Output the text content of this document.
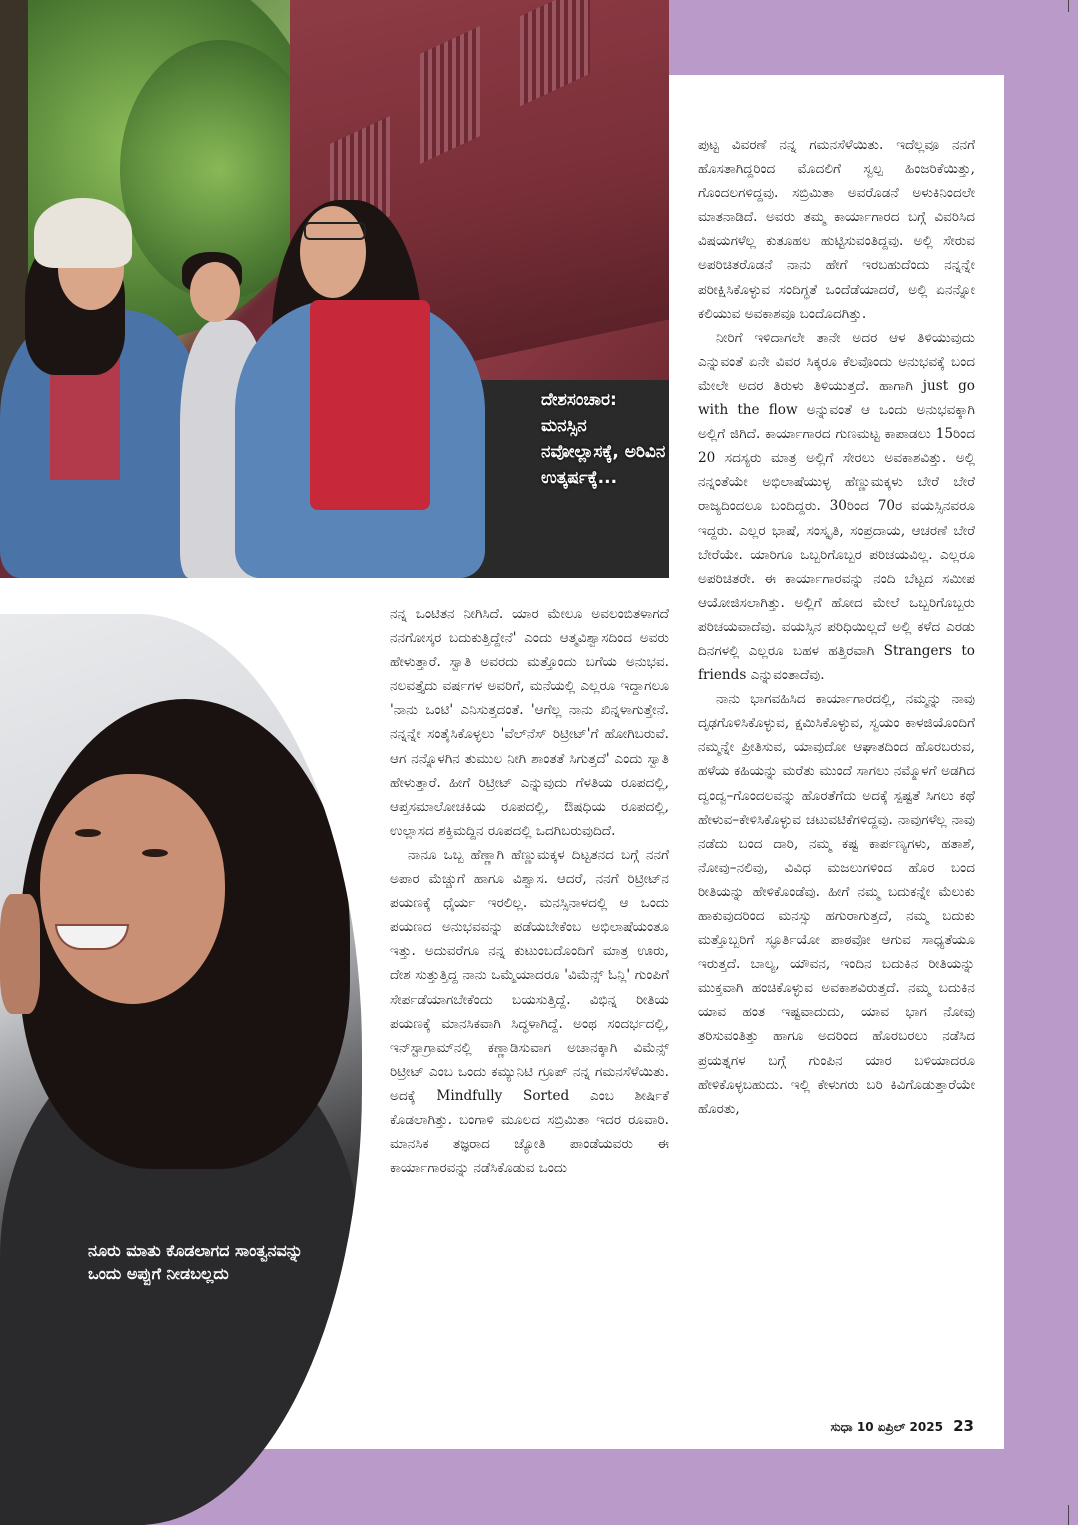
ದೇಶಸಂಚಾರ: ಮನಸ್ಸಿನ ನವೋಲ್ಲಾಸಕ್ಕೆ, ಅರಿವಿನ ಉತ್ಕರ್ಷಕ್ಕೆ...
ನೂರು ಮಾತು ಕೊಡಲಾಗದ ಸಾಂತ್ವನವನ್ನು ಒಂದು ಅಪ್ಪುಗೆ ನೀಡಬಲ್ಲದು

ನನ್ನ ಒಂಟಿತನ ನೀಗಿಸಿದೆ. ಯಾರ ಮೇಲೂ ಅವಲಂಬಿತಳಾಗದೆ ನನಗೋಸ್ಕರ ಬದುಕುತ್ತಿದ್ದೇನೆ' ಎಂದು ಆತ್ಮವಿಶ್ವಾಸದಿಂದ ಅವರು ಹೇಳುತ್ತಾರೆ. ಸ್ವಾತಿ ಅವರದು ಮತ್ತೊಂದು ಬಗೆಯ ಅನುಭವ. ನಲವತ್ತೈದು ವರ್ಷಗಳ ಅವರಿಗೆ, ಮನೆಯಲ್ಲಿ ಎಲ್ಲರೂ ಇದ್ದಾಗಲೂ 'ನಾನು ಒಂಟಿ' ಎನಿಸುತ್ತದಂತೆ. 'ಆಗೆಲ್ಲ ನಾನು ಖಿನ್ನಳಾಗುತ್ತೇನೆ. ನನ್ನನ್ನೇ ಸಂತೈಸಿಕೊಳ್ಳಲು 'ವೆಲ್‌ನೆಸ್ ರಿಟ್ರೀಟ್'ಗೆ ಹೋಗಿಬರುವೆ. ಆಗ ನನ್ನೊಳಗಿನ ತುಮುಲ ನೀಗಿ ಶಾಂತತೆ ಸಿಗುತ್ತದೆ' ಎಂದು ಸ್ವಾತಿ ಹೇಳುತ್ತಾರೆ. ಹೀಗೆ ರಿಟ್ರೀಟ್ ಎನ್ನುವುದು ಗೆಳತಿಯ ರೂಪದಲ್ಲಿ, ಆಪ್ತಸಮಾಲೋಚಕಿಯ ರೂಪದಲ್ಲಿ, ಔಷಧಿಯ ರೂಪದಲ್ಲಿ, ಉಲ್ಲಾಸದ ಶಕ್ತಿಮದ್ದಿನ ರೂಪದಲ್ಲಿ ಒದಗಿಬರುವುದಿದೆ.

ನಾನೂ ಒಬ್ಬ ಹೆಣ್ಣಾಗಿ ಹೆಣ್ಣುಮಕ್ಕಳ ದಿಟ್ಟತನದ ಬಗ್ಗೆ ನನಗೆ ಅಪಾರ ಮೆಚ್ಚುಗೆ ಹಾಗೂ ವಿಶ್ವಾಸ. ಆದರೆ, ನನಗೆ ರಿಟ್ರೀಟ್‌ನ ಪಯಣಕ್ಕೆ ಧೈರ್ಯ ಇರಲಿಲ್ಲ. ಮನಸ್ಸಿನಾಳದಲ್ಲಿ ಆ ಒಂದು ಪಯಣದ ಅನುಭವವನ್ನು ಪಡೆಯಬೇಕೆಂಬ ಅಭಿಲಾಷೆಯಂತೂ ಇತ್ತು. ಅದುವರೆಗೂ ನನ್ನ ಕುಟುಂಬದೊಂದಿಗೆ ಮಾತ್ರ ಊರು, ದೇಶ ಸುತ್ತುತ್ತಿದ್ದ ನಾನು ಒಮ್ಮೆಯಾದರೂ 'ವಿಮೆನ್ಸ್ ಓನ್ಲಿ' ಗುಂಪಿಗೆ ಸೇರ್ಪಡೆಯಾಗಬೇಕೆಂದು ಬಯಸುತ್ತಿದ್ದೆ. ವಿಭಿನ್ನ ರೀತಿಯ ಪಯಣಕ್ಕೆ ಮಾನಸಿಕವಾಗಿ ಸಿದ್ಧಳಾಗಿದ್ದೆ. ಅಂಥ ಸಂದರ್ಭದಲ್ಲಿ, ಇನ್‌ಸ್ಟಾಗ್ರಾಮ್‌ನಲ್ಲಿ ಕಣ್ಣಾಡಿಸುವಾಗ ಅಚಾನಕ್ಕಾಗಿ ವಿಮೆನ್ಸ್ ರಿಟ್ರೀಟ್ ಎಂಬ ಒಂದು ಕಮ್ಯುನಿಟಿ ಗ್ರೂಪ್ ನನ್ನ ಗಮನಸೆಳೆಯಿತು. ಅದಕ್ಕೆ Mindfully Sorted ಎಂಬ ಶೀರ್ಷಿಕೆ ಕೊಡಲಾಗಿತ್ತು. ಬಂಗಾಳಿ ಮೂಲದ ಸಬ್ರಿಮಿತಾ ಇದರ ರೂವಾರಿ. ಮಾನಸಿಕ ತಜ್ಞರಾದ ಜ್ಯೋತಿ ಪಾಂಡೆಯವರು ಈ ಕಾರ್ಯಾಗಾರವನ್ನು ನಡೆಸಿಕೊಡುವ ಒಂದು

ಪುಟ್ಟ ವಿವರಣೆ ನನ್ನ ಗಮನಸೆಳೆಯಿತು. ಇದೆಲ್ಲವೂ ನನಗೆ ಹೊಸತಾಗಿದ್ದರಿಂದ ಮೊದಲಿಗೆ ಸ್ವಲ್ಪ ಹಿಂಜರಿಕೆಯಿತ್ತು, ಗೊಂದಲಗಳಿದ್ದವು. ಸಬ್ರಿಮಿತಾ ಅವರೊಡನೆ ಅಳುಕಿನಿಂದಲೇ ಮಾತನಾಡಿದೆ. ಅವರು ತಮ್ಮ ಕಾರ್ಯಾಗಾರದ ಬಗ್ಗೆ ವಿವರಿಸಿದ ವಿಷಯಗಳೆಲ್ಲ ಕುತೂಹಲ ಹುಟ್ಟಿಸುವಂತಿದ್ದವು. ಅಲ್ಲಿ ಸೇರುವ ಅಪರಿಚಿತರೊಡನೆ ನಾನು ಹೇಗೆ ಇರಬಹುದೆಂದು ನನ್ನನ್ನೇ ಪರೀಕ್ಷಿಸಿಕೊಳ್ಳುವ ಸಂದಿಗ್ಧತೆ ಒಂದೆಡೆಯಾದರೆ, ಅಲ್ಲಿ ಏನನ್ನೋ ಕಲಿಯುವ ಅವಕಾಶವೂ ಬಂದೊದಗಿತ್ತು.

ನೀರಿಗೆ ಇಳಿದಾಗಲೇ ತಾನೇ ಅದರ ಆಳ ತಿಳಿಯುವುದು ಎನ್ನುವಂತೆ ಏನೇ ವಿವರ ಸಿಕ್ಕರೂ ಕೆಲವೊಂದು ಅನುಭವಕ್ಕೆ ಬಂದ ಮೇಲೇ ಅದರ ತಿರುಳು ತಿಳಿಯುತ್ತದೆ. ಹಾಗಾಗಿ just go with the flow ಅನ್ನುವಂತೆ ಆ ಒಂದು ಅನುಭವಕ್ಕಾಗಿ ಅಲ್ಲಿಗೆ ಜಿಗಿದೆ. ಕಾರ್ಯಾಗಾರದ ಗುಣಮಟ್ಟ ಕಾಪಾಡಲು 15ರಿಂದ 20 ಸದಸ್ಯರು ಮಾತ್ರ ಅಲ್ಲಿಗೆ ಸೇರಲು ಅವಕಾಶವಿತ್ತು. ಅಲ್ಲಿ ನನ್ನಂತೆಯೇ ಅಭಿಲಾಷೆಯುಳ್ಳ ಹೆಣ್ಣುಮಕ್ಕಳು ಬೇರೆ ಬೇರೆ ರಾಜ್ಯದಿಂದಲೂ ಬಂದಿದ್ದರು. 30ರಿಂದ 70ರ ವಯಸ್ಸಿನವರೂ ಇದ್ದರು. ಎಲ್ಲರ ಭಾಷೆ, ಸಂಸ್ಕೃತಿ, ಸಂಪ್ರದಾಯ, ಆಚರಣೆ ಬೇರೆ ಬೇರೆಯೇ. ಯಾರಿಗೂ ಒಬ್ಬರಿಗೊಬ್ಬರ ಪರಿಚಯವಿಲ್ಲ. ಎಲ್ಲರೂ ಅಪರಿಚಿತರೇ. ಈ ಕಾರ್ಯಾಗಾರವನ್ನು ನಂದಿ ಬೆಟ್ಟದ ಸಮೀಪ ಆಯೋಜಿಸಲಾಗಿತ್ತು. ಅಲ್ಲಿಗೆ ಹೋದ ಮೇಲೆ ಒಬ್ಬರಿಗೊಬ್ಬರು ಪರಿಚಯವಾದೆವು. ವಯಸ್ಸಿನ ಪರಿಧಿಯಿಲ್ಲದೆ ಅಲ್ಲಿ ಕಳೆದ ಎರಡು ದಿನಗಳಲ್ಲಿ ಎಲ್ಲರೂ ಬಹಳ ಹತ್ತಿರವಾಗಿ Strangers to friends ಎನ್ನುವಂತಾದೆವು.

ನಾನು ಭಾಗವಹಿಸಿದ ಕಾರ್ಯಾಗಾರದಲ್ಲಿ, ನಮ್ಮನ್ನು ನಾವು ದೃಢಗೊಳಿಸಿಕೊಳ್ಳುವ, ಕ್ಷಮಿಸಿಕೊಳ್ಳುವ, ಸ್ವಯಂ ಕಾಳಜಿಯೊಂದಿಗೆ ನಮ್ಮನ್ನೇ ಪ್ರೀತಿಸುವ, ಯಾವುದೋ ಆಘಾತದಿಂದ ಹೊರಬರುವ, ಹಳೆಯ ಕಹಿಯನ್ನು ಮರೆತು ಮುಂದೆ ಸಾಗಲು ನಮ್ಮೊಳಗೆ ಅಡಗಿದ ದ್ವಂದ್ವ–ಗೊಂದಲವನ್ನು ಹೊರತೆಗೆದು ಅದಕ್ಕೆ ಸ್ಪಷ್ಟತೆ ಸಿಗಲು ಕಥೆ ಹೇಳುವ–ಕೇಳಿಸಿಕೊಳ್ಳುವ ಚಟುವಟಿಕೆಗಳಿದ್ದವು. ನಾವುಗಳೆಲ್ಲ ನಾವು ನಡೆದು ಬಂದ ದಾರಿ, ನಮ್ಮ ಕಷ್ಟ ಕಾರ್ಪಣ್ಯಗಳು, ಹತಾಶೆ, ನೋವು–ನಲಿವು, ವಿವಿಧ ಮಜಲುಗಳಿಂದ ಹೊರ ಬಂದ ರೀತಿಯನ್ನು ಹೇಳಿಕೊಂಡೆವು. ಹೀಗೆ ನಮ್ಮ ಬದುಕನ್ನೇ ಮೆಲುಕು ಹಾಕುವುದರಿಂದ ಮನಸ್ಸು ಹಗುರಾಗುತ್ತದೆ, ನಮ್ಮ ಬದುಕು ಮತ್ತೊಬ್ಬರಿಗೆ ಸ್ಫೂರ್ತಿಯೋ ಪಾಠವೋ ಆಗುವ ಸಾಧ್ಯತೆಯೂ ಇರುತ್ತದೆ. ಬಾಲ್ಯ, ಯೌವನ, ಇಂದಿನ ಬದುಕಿನ ರೀತಿಯನ್ನು ಮುಕ್ತವಾಗಿ ಹಂಚಿಕೊಳ್ಳುವ ಅವಕಾಶವಿರುತ್ತದೆ. ನಮ್ಮ ಬದುಕಿನ ಯಾವ ಹಂತ ಇಷ್ಟವಾದುದು, ಯಾವ ಭಾಗ ನೋವು ತರಿಸುವಂತಿತ್ತು ಹಾಗೂ ಅದರಿಂದ ಹೊರಬರಲು ನಡೆಸಿದ ಪ್ರಯತ್ನಗಳ ಬಗ್ಗೆ ಗುಂಪಿನ ಯಾರ ಬಳಿಯಾದರೂ ಹೇಳಿಕೊಳ್ಳಬಹುದು. ಇಲ್ಲಿ ಕೇಳುಗರು ಬರಿ ಕಿವಿಗೊಡುತ್ತಾರೆಯೇ ಹೊರತು,

ಸುಧಾ 10 ಏಪ್ರಿಲ್ 2025 23
